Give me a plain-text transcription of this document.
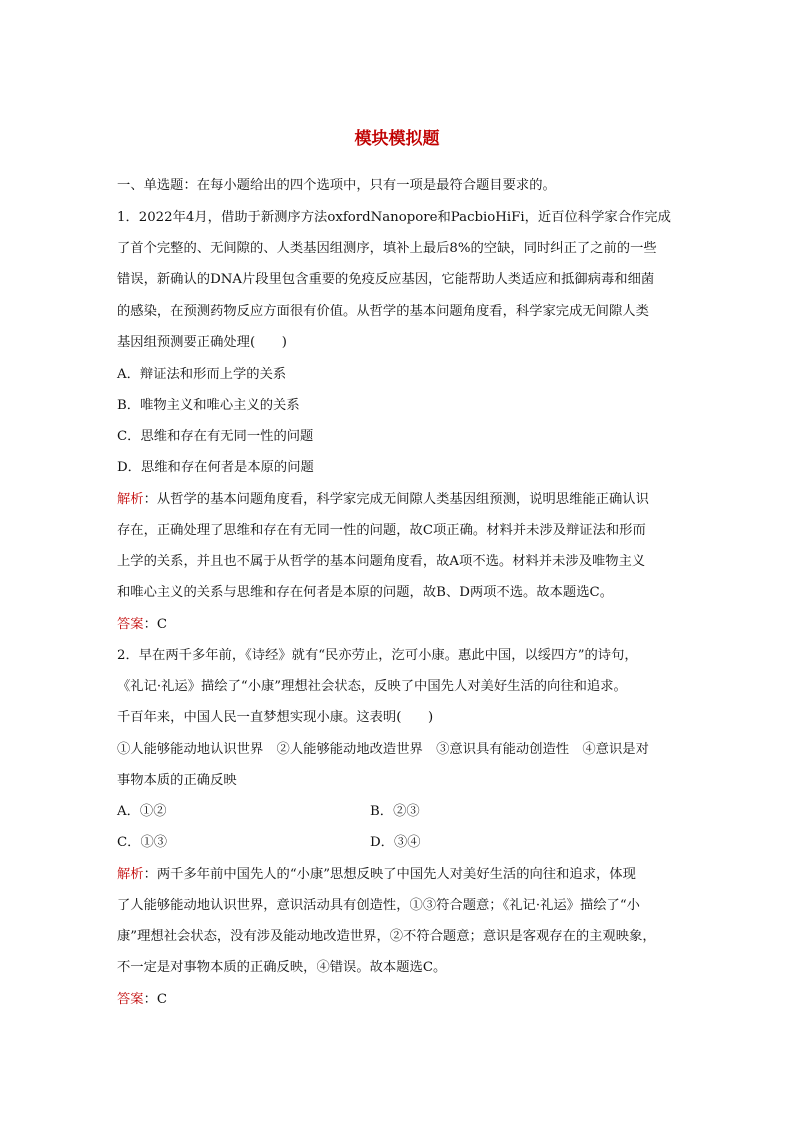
模块模拟题
一、单选题：在每小题给出的四个选项中，只有一项是最符合题目要求的。
1．2022年4月，借助于新测序方法oxfordNanopore和PacbioHiFi，近百位科学家合作完成
了首个完整的、无间隙的、人类基因组测序，填补上最后8%的空缺，同时纠正了之前的一些
错误，新确认的DNA片段里包含重要的免疫反应基因，它能帮助人类适应和抵御病毒和细菌
的感染，在预测药物反应方面很有价值。从哲学的基本问题角度看，科学家完成无间隙人类
基因组预测要正确处理(　　)
A．辩证法和形而上学的关系
B．唯物主义和唯心主义的关系
C．思维和存在有无同一性的问题
D．思维和存在何者是本原的问题
解析：从哲学的基本问题角度看，科学家完成无间隙人类基因组预测，说明思维能正确认识
存在，正确处理了思维和存在有无同一性的问题，故C项正确。材料并未涉及辩证法和形而
上学的关系，并且也不属于从哲学的基本问题角度看，故A项不选。材料并未涉及唯物主义
和唯心主义的关系与思维和存在何者是本原的问题，故B、D两项不选。故本题选C。
答案：C
2．早在两千多年前，《诗经》就有“民亦劳止，汔可小康。惠此中国，以绥四方”的诗句，
《礼记·礼运》描绘了“小康”理想社会状态，反映了中国先人对美好生活的向往和追求。
千百年来，中国人民一直梦想实现小康。这表明(　　)
①人能够能动地认识世界　②人能够能动地改造世界　③意识具有能动创造性　④意识是对
事物本质的正确反映
A．①②	B．②③
C．①③	D．③④
解析：两千多年前中国先人的“小康”思想反映了中国先人对美好生活的向往和追求，体现
了人能够能动地认识世界，意识活动具有创造性，①③符合题意；《礼记·礼运》描绘了“小
康”理想社会状态，没有涉及能动地改造世界，②不符合题意；意识是客观存在的主观映象，
不一定是对事物本质的正确反映，④错误。故本题选C。
答案：C
